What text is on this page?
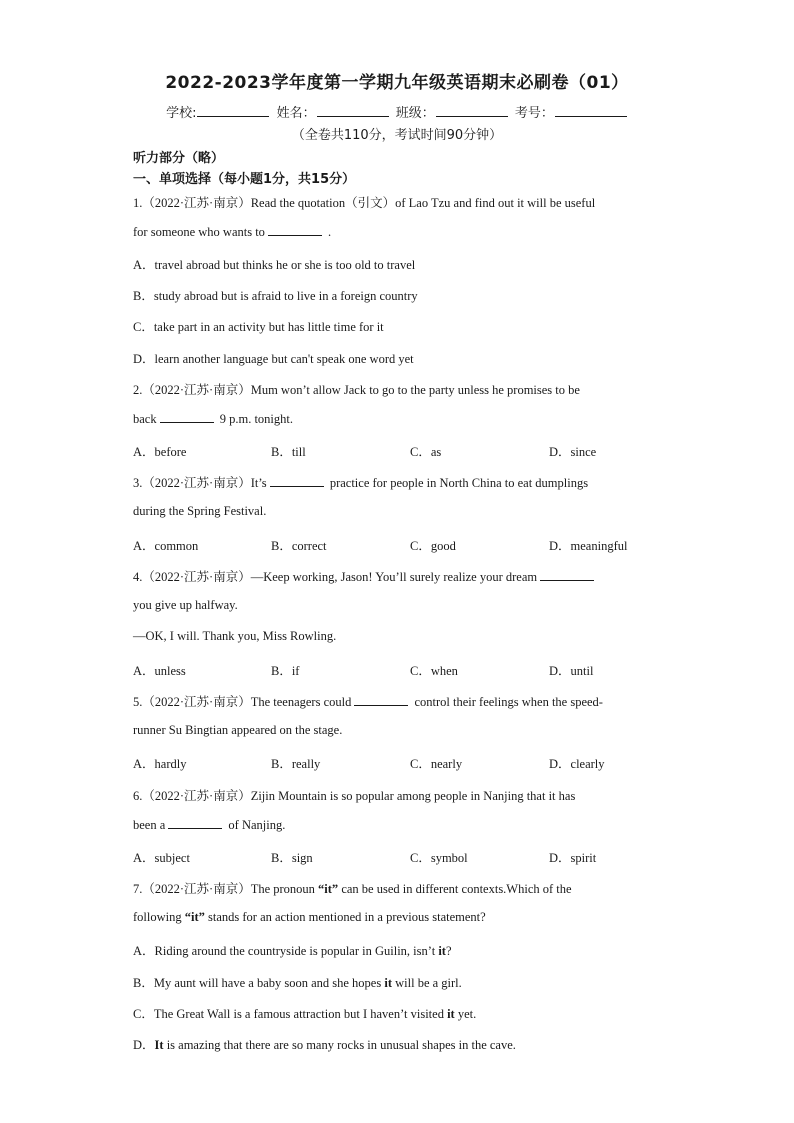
2022-2023学年度第一学期九年级英语期末必刷卷（01）
学校:	姓名：	班级：	考号：
（全卷共110分，考试时间90分钟）
听力部分（略）
一、单项选择（每小题1分，共15分）
1.（2022·江苏·南京）Read the quotation（引文）of Lao Tzu and find out it will be useful
for someone who wants to	.
A．travel abroad but thinks he or she is too old to travel
B．study abroad but is afraid to live in a foreign country
C．take part in an activity but has little time for it
D．learn another language but can't speak one word yet
2.（2022·江苏·南京）Mum won’t allow Jack to go to the party unless he promises to be
back	9 p.m. tonight.
A．before	B．till	C．as	D．since
3.（2022·江苏·南京）It’s	practice for people in North China to eat dumplings
during the Spring Festival.
A．common	B．correct	C．good	D．meaningful
4.（2022·江苏·南京）—Keep working, Jason! You’ll surely realize your dream
you give up halfway.
—OK, I will. Thank you, Miss Rowling.
A．unless	B．if	C．when	D．until
5.（2022·江苏·南京）The teenagers could	control their feelings when the speed-
runner Su Bingtian appeared on the stage.
A．hardly	B．really	C．nearly	D．clearly
6.（2022·江苏·南京）Zijin Mountain is so popular among people in Nanjing that it has
been a	of Nanjing.
A．subject	B．sign	C．symbol	D．spirit
7.（2022·江苏·南京）The pronoun “it” can be used in different contexts.Which of the
following “it” stands for an action mentioned in a previous statement?
A．Riding around the countryside is popular in Guilin, isn’t it?
B．My aunt will have a baby soon and she hopes it will be a girl.
C．The Great Wall is a famous attraction but I haven’t visited it yet.
D．It is amazing that there are so many rocks in unusual shapes in the cave.
